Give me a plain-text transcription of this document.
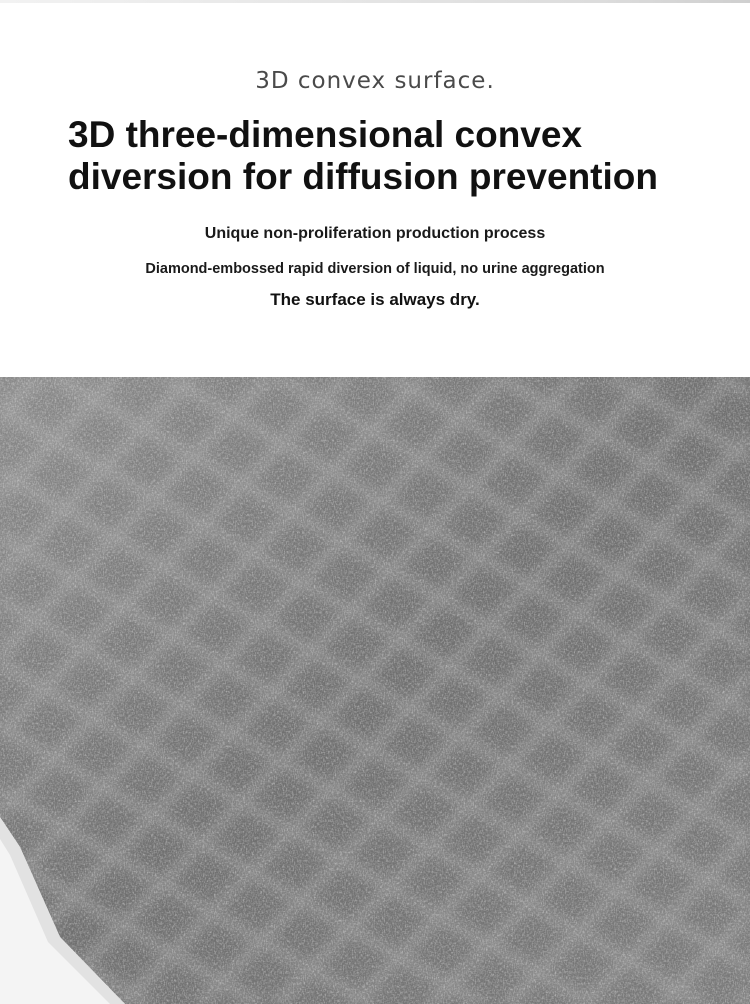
3D convex surface.
3D three-dimensional convex
diversion for diffusion prevention
Unique non-proliferation production process
Diamond-embossed rapid diversion of liquid, no urine aggregation
The surface is always dry.
